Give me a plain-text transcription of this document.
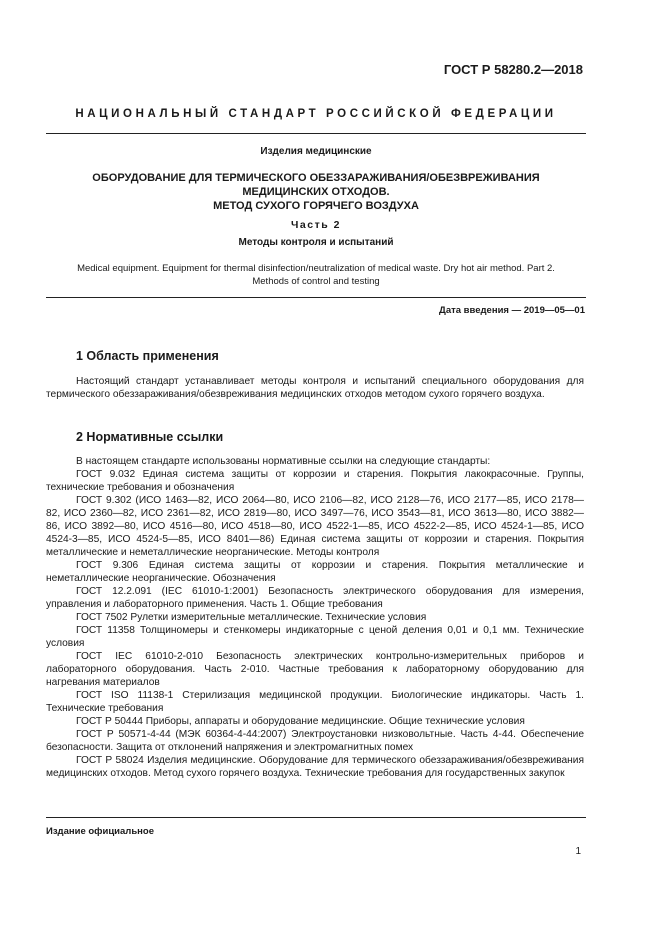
ГОСТ Р 58280.2—2018
НАЦИОНАЛЬНЫЙ СТАНДАРТ РОССИЙСКОЙ ФЕДЕРАЦИИ
Изделия медицинские
ОБОРУДОВАНИЕ ДЛЯ ТЕРМИЧЕСКОГО ОБЕЗЗАРАЖИВАНИЯ/ОБЕЗВРЕЖИВАНИЯ
МЕДИЦИНСКИХ ОТХОДОВ.
МЕТОД СУХОГО ГОРЯЧЕГО ВОЗДУХА
Часть 2
Методы контроля и испытаний
Medical equipment. Equipment for thermal disinfection/neutralization of medical waste. Dry hot air method. Part 2.
Methods of control and testing
Дата введения — 2019—05—01
1 Область применения
Настоящий стандарт устанавливает методы контроля и испытаний специального оборудования для термического обеззараживания/обезвреживания медицинских отходов методом сухого горячего воздуха.
2 Нормативные ссылки

В настоящем стандарте использованы нормативные ссылки на следующие стандарты:

ГОСТ 9.032 Единая система защиты от коррозии и старения. Покрытия лакокрасочные. Группы, технические требования и обозначения

ГОСТ 9.302 (ИСО 1463—82, ИСО 2064—80, ИСО 2106—82, ИСО 2128—76, ИСО 2177—85, ИСО 2178—82, ИСО 2360—82, ИСО 2361—82, ИСО 2819—80, ИСО 3497—76, ИСО 3543—81, ИСО 3613—80, ИСО 3882—86, ИСО 3892—80, ИСО 4516—80, ИСО 4518—80, ИСО 4522-1—85, ИСО 4522-2—85, ИСО 4524-1—85, ИСО 4524-3—85, ИСО 4524-5—85, ИСО 8401—86) Единая система защиты от коррозии и старения. Покрытия металлические и неметаллические неорганические. Методы контроля

ГОСТ 9.306 Единая система защиты от коррозии и старения. Покрытия металлические и неметаллические неорганические. Обозначения

ГОСТ 12.2.091 (IEC 61010-1:2001) Безопасность электрического оборудования для измерения, управления и лабораторного применения. Часть 1. Общие требования

ГОСТ 7502 Рулетки измерительные металлические. Технические условия

ГОСТ 11358 Толщиномеры и стенкомеры индикаторные с ценой деления 0,01 и 0,1 мм. Технические условия

ГОСТ IEC 61010-2-010 Безопасность электрических контрольно-измерительных приборов и лабораторного оборудования. Часть 2-010. Частные требования к лабораторному оборудованию для нагревания материалов

ГОСТ ISO 11138-1 Стерилизация медицинской продукции. Биологические индикаторы. Часть 1. Технические требования

ГОСТ Р 50444 Приборы, аппараты и оборудование медицинские. Общие технические условия

ГОСТ Р 50571-4-44 (МЭК 60364-4-44:2007) Электроустановки низковольтные. Часть 4-44. Обеспечение безопасности. Защита от отклонений напряжения и электромагнитных помех

ГОСТ Р 58024 Изделия медицинские. Оборудование для термического обеззараживания/обезвреживания медицинских отходов. Метод сухого горячего воздуха. Технические требования для государственных закупок

Издание официальное
1
